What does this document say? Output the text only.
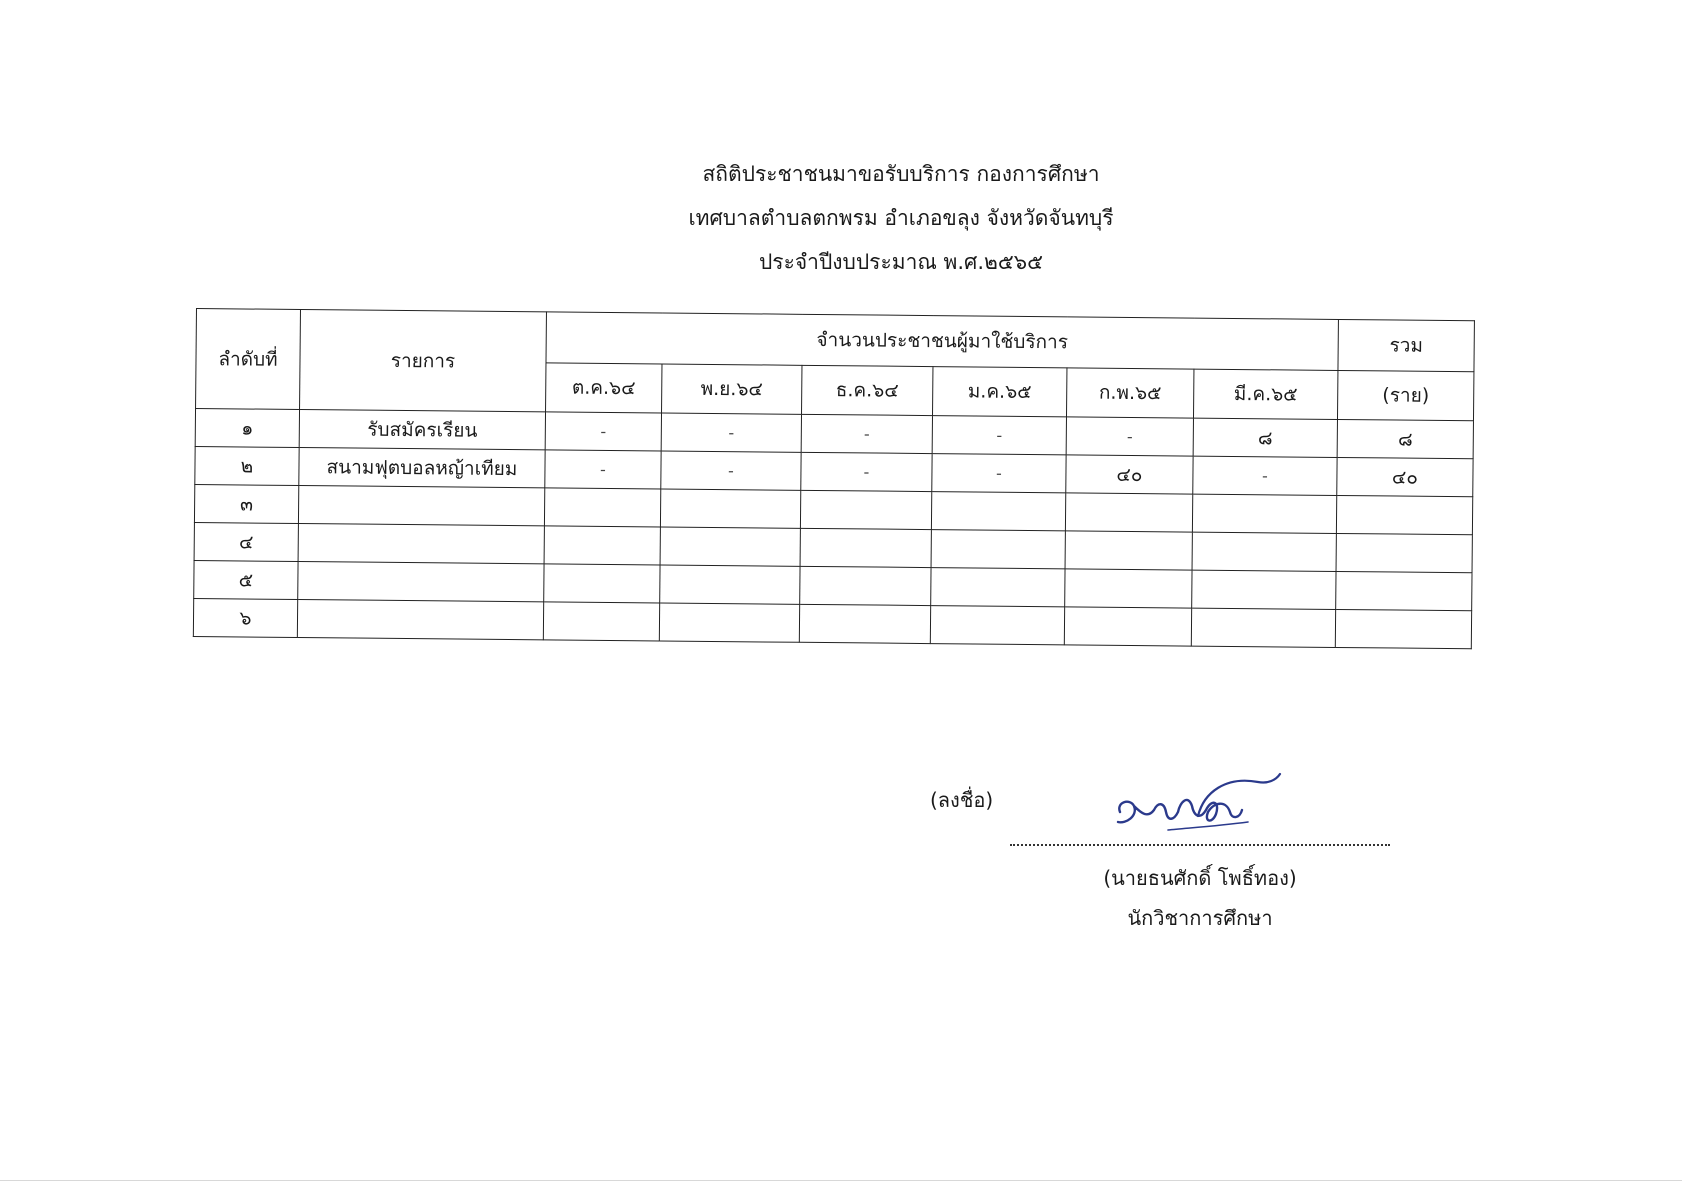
สถิติประชาชนมาขอรับบริการ กองการศึกษา
เทศบาลตำบลตกพรม อำเภอขลุง จังหวัดจันทบุรี
ประจำปีงบประมาณ พ.ศ.๒๕๖๕
ลำดับที่	รายการ	จำนวนประชาชนผู้มาใช้บริการ						รวม
		ต.ค.๖๔	พ.ย.๖๔	ธ.ค.๖๔	ม.ค.๖๕	ก.พ.๖๕	มี.ค.๖๕	(ราย)
๑	รับสมัครเรียน	-	-	-	-	-	๘	๘
๒	สนามฟุตบอลหญ้าเทียม	-	-	-	-	๔๐	-	๔๐
๓								
๔								
๕								
๖								
(ลงชื่อ)
(นายธนศักดิ์ โพธิ์ทอง)
นักวิชาการศึกษา
